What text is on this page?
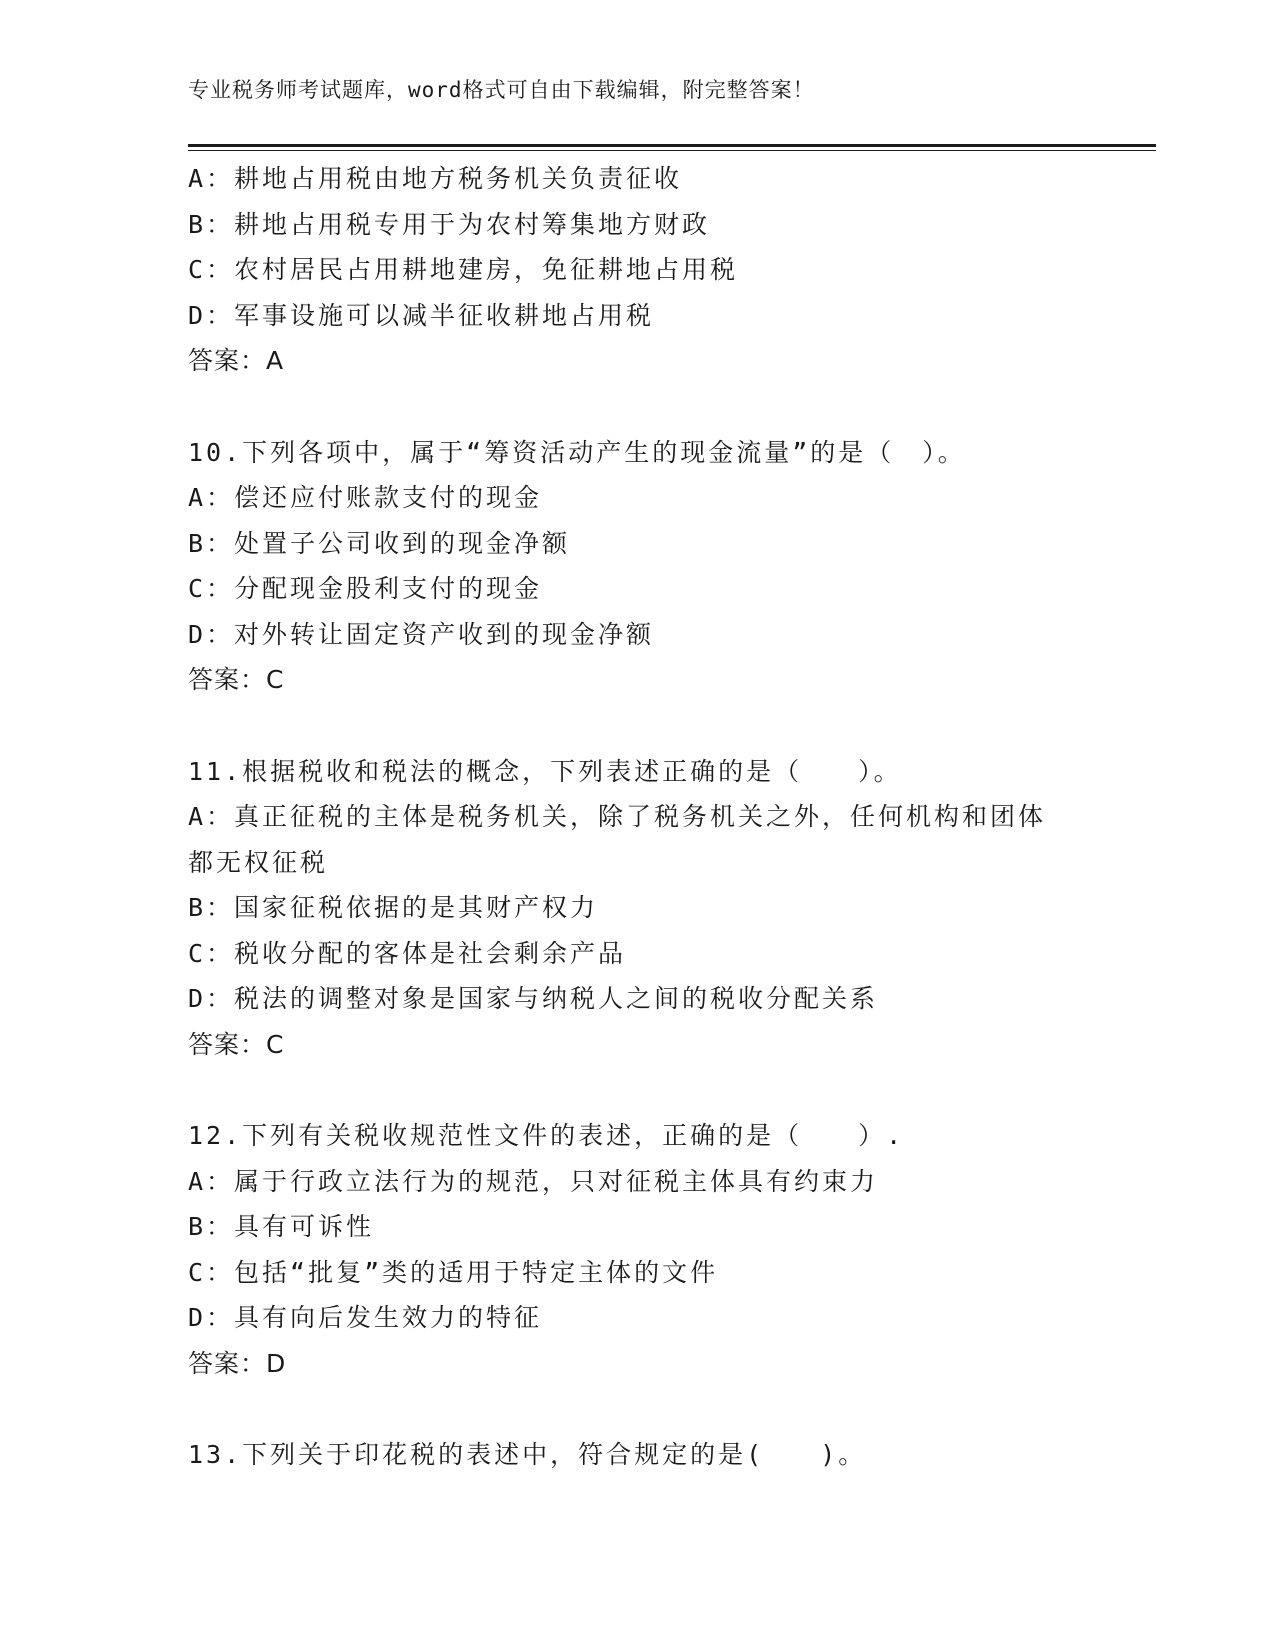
专业税务师考试题库，word格式可自由下载编辑，附完整答案！
A：耕地占用税由地方税务机关负责征收
B：耕地占用税专用于为农村筹集地方财政
C：农村居民占用耕地建房，免征耕地占用税
D：军事设施可以减半征收耕地占用税
答案：A
10.下列各项中，属于“筹资活动产生的现金流量”的是（　）。
A：偿还应付账款支付的现金
B：处置子公司收到的现金净额
C：分配现金股利支付的现金
D：对外转让固定资产收到的现金净额
答案：C
11.根据税收和税法的概念，下列表述正确的是（　　）。
A：真正征税的主体是税务机关，除了税务机关之外，任何机构和团体
都无权征税
B：国家征税依据的是其财产权力
C：税收分配的客体是社会剩余产品
D：税法的调整对象是国家与纳税人之间的税收分配关系
答案：C
12.下列有关税收规范性文件的表述，正确的是（　　）.
A：属于行政立法行为的规范，只对征税主体具有约束力
B：具有可诉性
C：包括“批复”类的适用于特定主体的文件
D：具有向后发生效力的特征
答案：D
13.下列关于印花税的表述中，符合规定的是(　　)。
